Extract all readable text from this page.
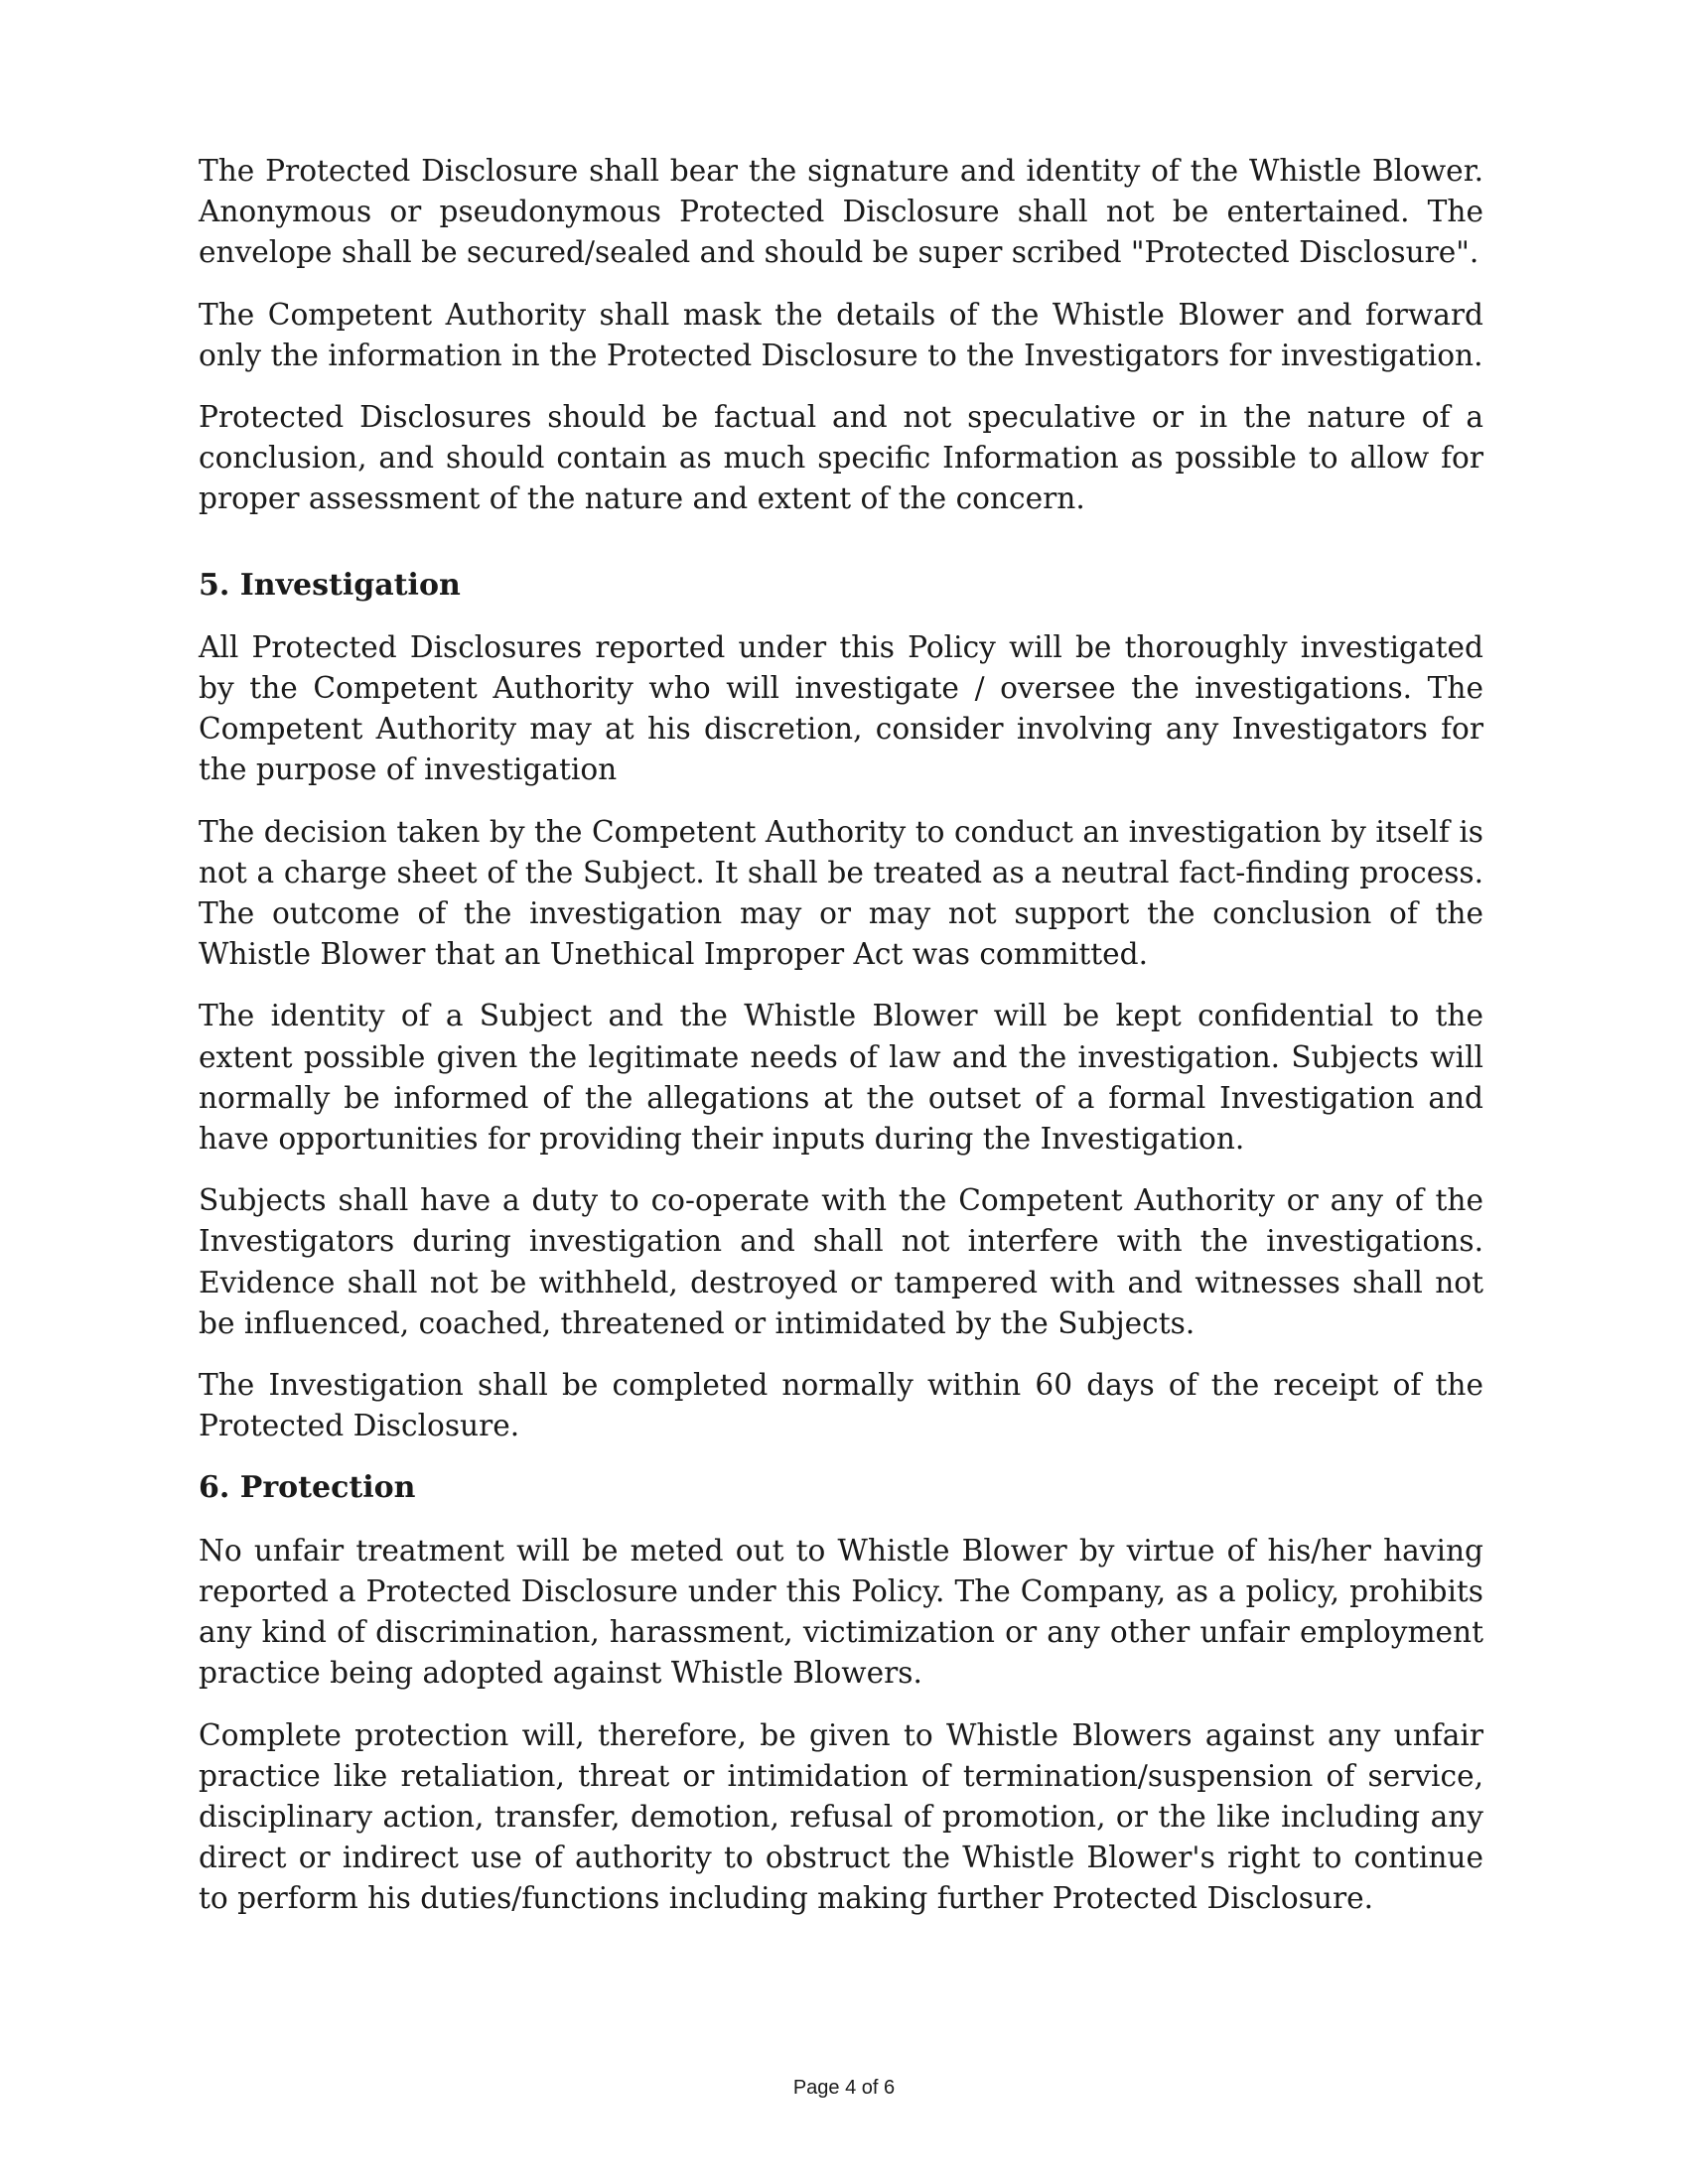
The Protected Disclosure shall bear the signature and identity of the Whistle Blower. Anonymous or pseudonymous Protected Disclosure shall not be entertained. The envelope shall be secured/sealed and should be super scribed "Protected Disclosure".

The Competent Authority shall mask the details of the Whistle Blower and forward only the information in the Protected Disclosure to the Investigators for investigation.

Protected Disclosures should be factual and not speculative or in the nature of a conclusion, and should contain as much specific Information as possible to allow for proper assessment of the nature and extent of the concern.

5. Investigation

All Protected Disclosures reported under this Policy will be thoroughly investigated by the Competent Authority who will investigate / oversee the investigations. The Competent Authority may at his discretion, consider involving any Investigators for the purpose of investigation

The decision taken by the Competent Authority to conduct an investigation by itself is not a charge sheet of the Subject. It shall be treated as a neutral fact-finding process. The outcome of the investigation may or may not support the conclusion of the Whistle Blower that an Unethical Improper Act was committed.

The identity of a Subject and the Whistle Blower will be kept confidential to the extent possible given the legitimate needs of law and the investigation. Subjects will normally be informed of the allegations at the outset of a formal Investigation and have opportunities for providing their inputs during the Investigation.

Subjects shall have a duty to co-operate with the Competent Authority or any of the Investigators during investigation and shall not interfere with the investigations. Evidence shall not be withheld, destroyed or tampered with and witnesses shall not be influenced, coached, threatened or intimidated by the Subjects.

The Investigation shall be completed normally within 60 days of the receipt of the Protected Disclosure.

6. Protection

No unfair treatment will be meted out to Whistle Blower by virtue of his/her having reported a Protected Disclosure under this Policy. The Company, as a policy, prohibits any kind of discrimination, harassment, victimization or any other unfair employment practice being adopted against Whistle Blowers.

Complete protection will, therefore, be given to Whistle Blowers against any unfair practice like retaliation, threat or intimidation of termination/suspension of service, disciplinary action, transfer, demotion, refusal of promotion, or the like including any direct or indirect use of authority to obstruct the Whistle Blower's right to continue to perform his duties/functions including making further Protected Disclosure.

Page 4 of 6
